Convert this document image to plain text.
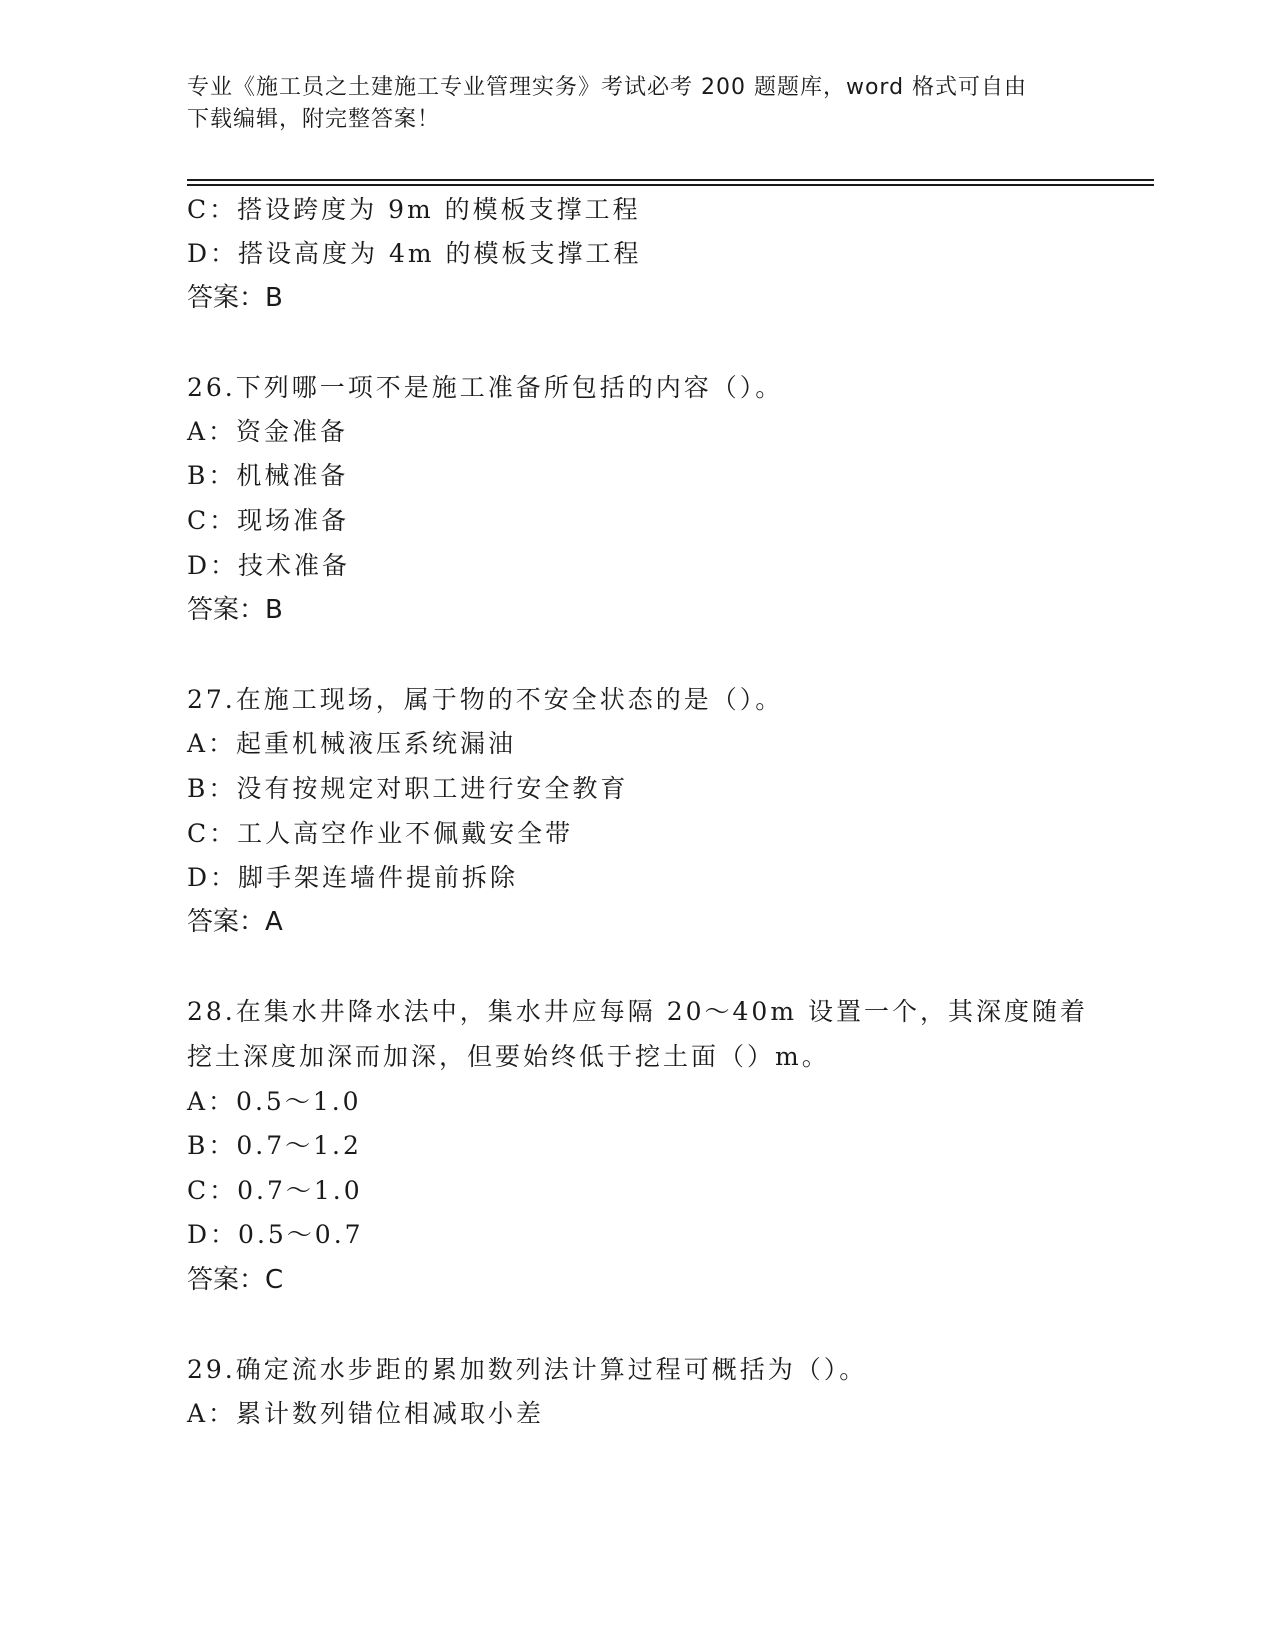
专业《施工员之土建施工专业管理实务》考试必考 200 题题库，word 格式可自由
下载编辑，附完整答案！
C：搭设跨度为 9m 的模板支撑工程
D：搭设高度为 4m 的模板支撑工程
答案：B
26.下列哪一项不是施工准备所包括的内容（）。
A：资金准备
B：机械准备
C：现场准备
D：技术准备
答案：B
27.在施工现场，属于物的不安全状态的是（）。
A：起重机械液压系统漏油
B：没有按规定对职工进行安全教育
C：工人高空作业不佩戴安全带
D：脚手架连墙件提前拆除
答案：A
28.在集水井降水法中，集水井应每隔 20～40m 设置一个，其深度随着
挖土深度加深而加深，但要始终低于挖土面（）m。
A：0.5～1.0
B：0.7～1.2
C：0.7～1.0
D：0.5～0.7
答案：C
29.确定流水步距的累加数列法计算过程可概括为（）。
A：累计数列错位相减取小差
